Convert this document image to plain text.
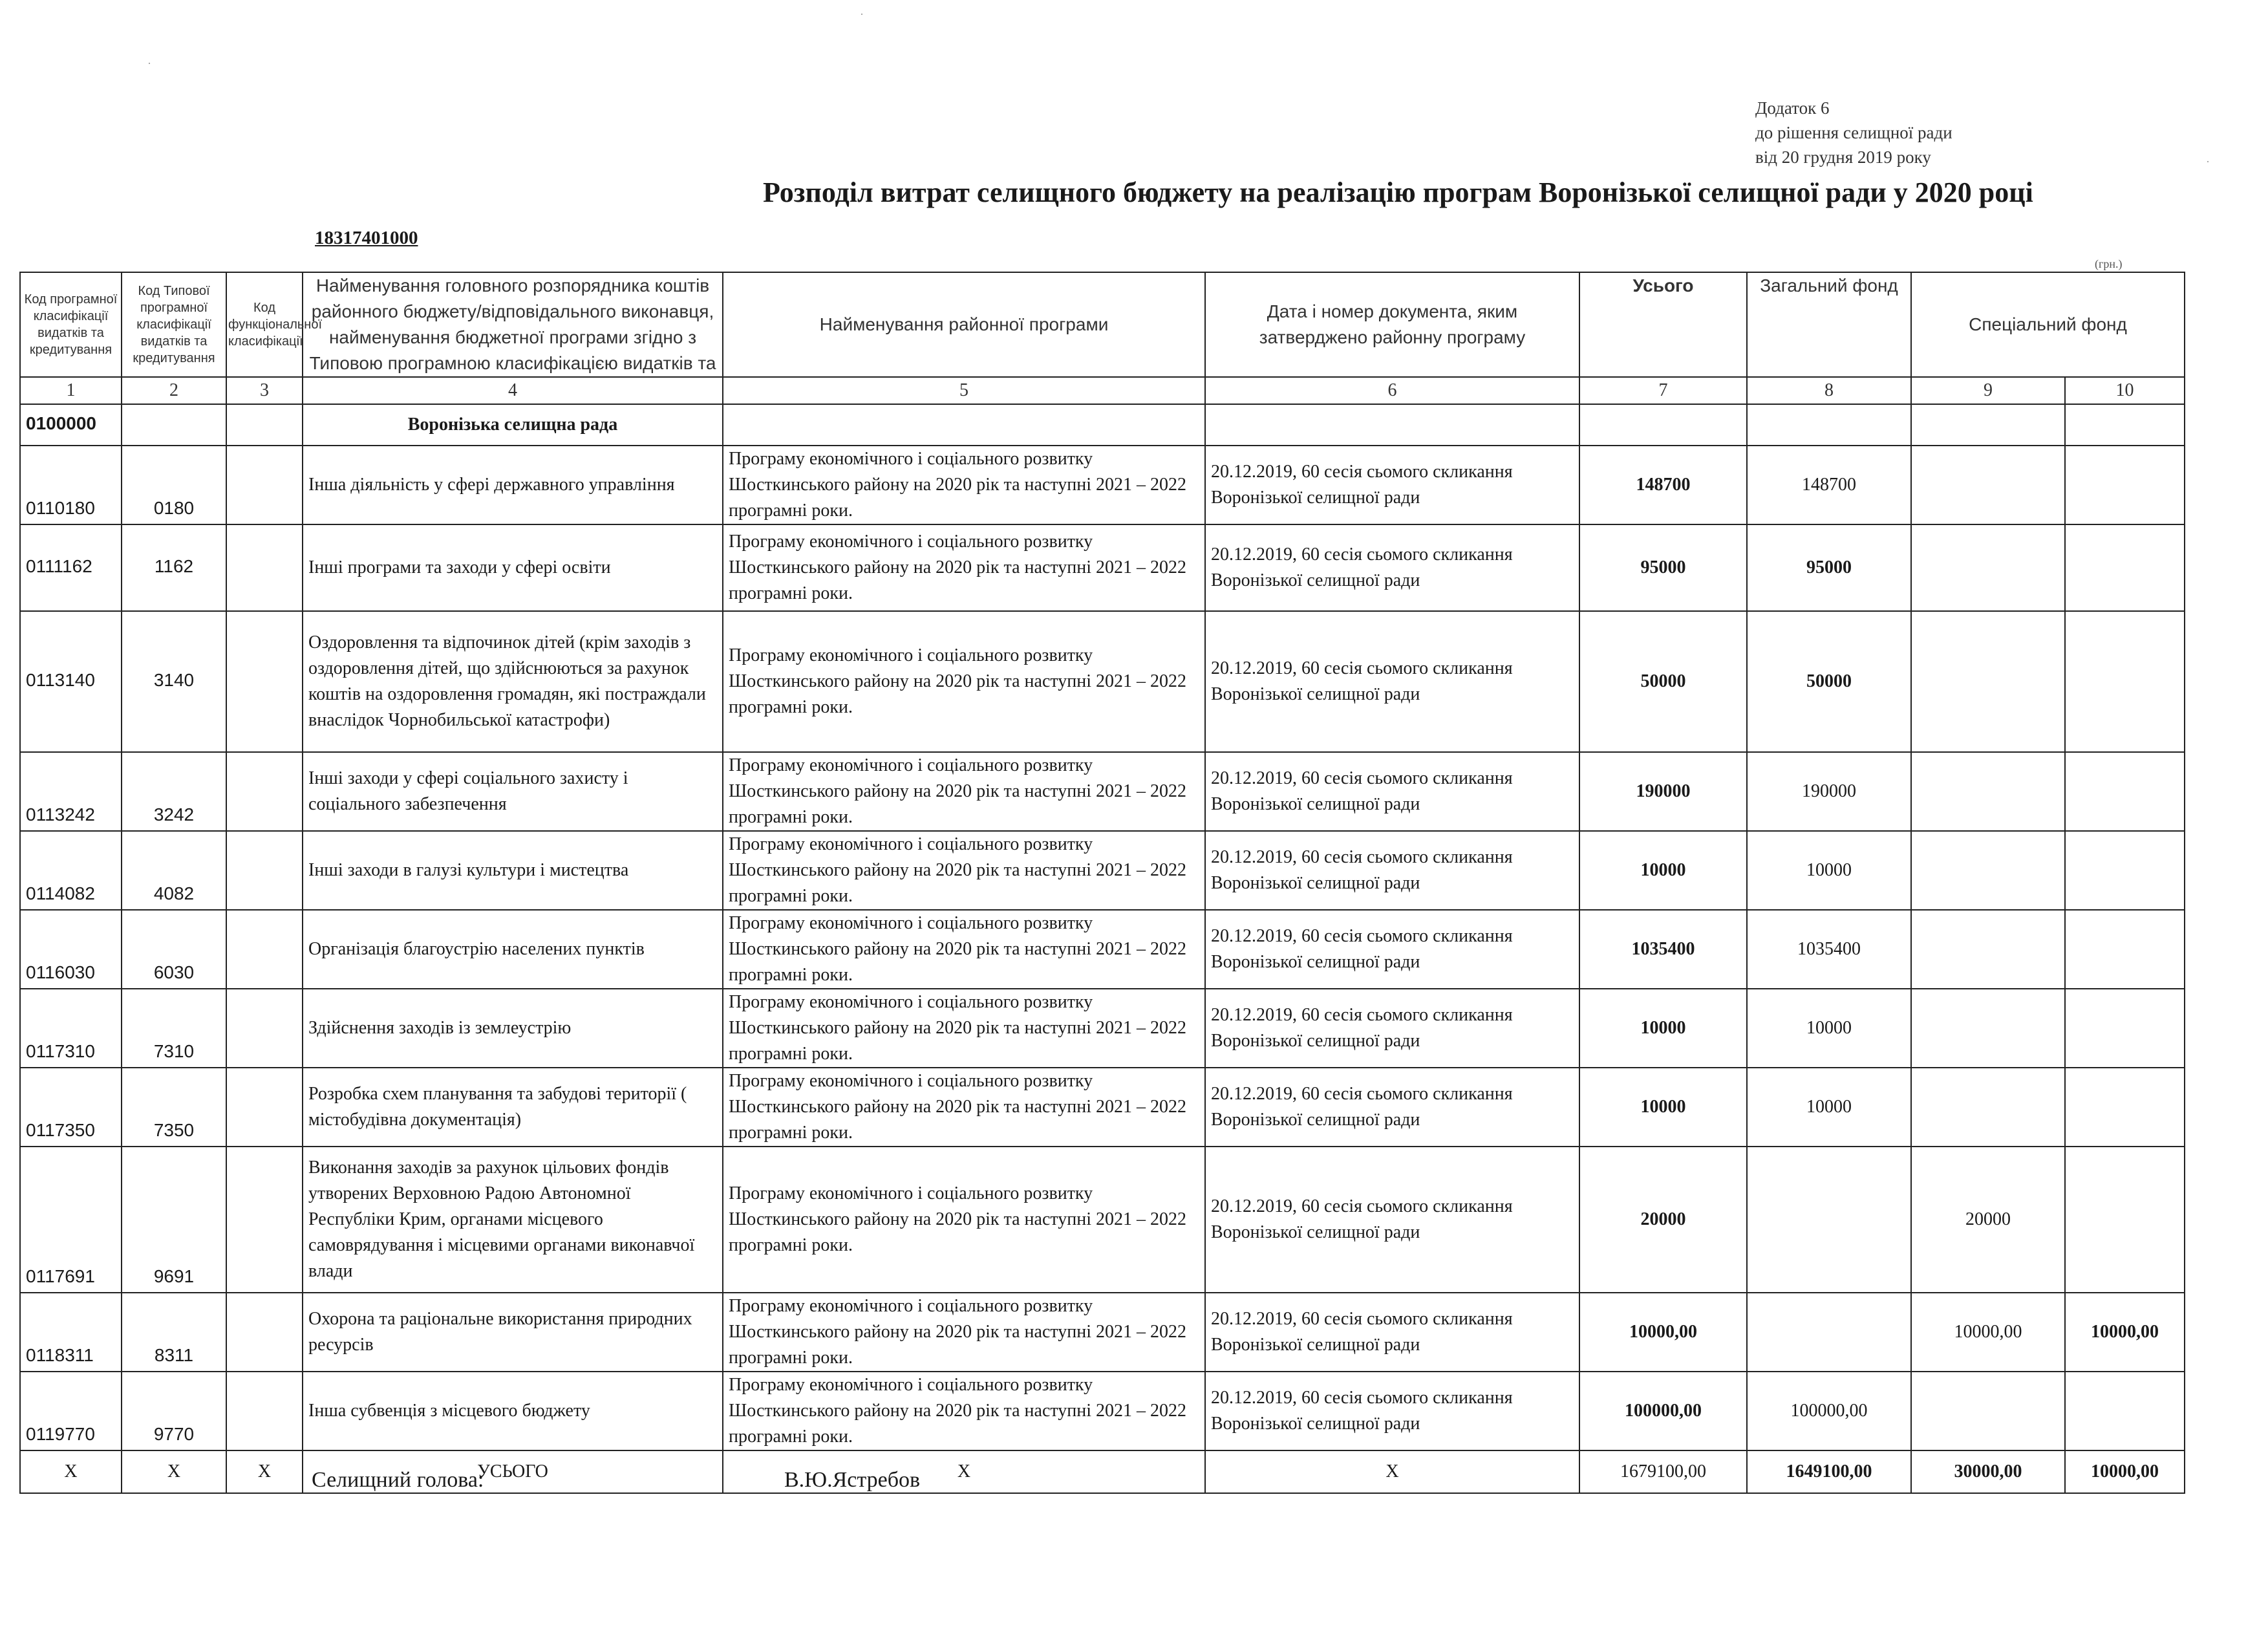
·
·
·
Додаток 6
до рішення селищної ради
від 20 грудня 2019 року
Розподіл витрат селищного бюджету на реалізацію програм Воронізької селищної ради у 2020 році
18317401000
(грн.)
Код програмної класифікації видатків та кредитування	Код Типової програмної класифікації видатків та кредитування	Код функціональної класифікації	Найменування головного розпорядника коштів районного бюджету/відповідального виконавця, найменування бюджетної програми згідно з Типовою програмною класифікацією видатків та	Найменування районної програми	Дата і номер документа, яким затверджено районну програму	Усього	Загальний фонд	Спеціальний фонд	
1	2	3	4	5	6	7	8	9	10
0100000			Воронізька селищна рада						
0110180	0180		Інша діяльність у сфері державного управління	Програму економічного і соціального розвитку Шосткинського району на 2020 рік та наступні 2021 – 2022 програмні роки.	20.12.2019, 60 сесія сьомого скликання Воронізької селищної ради	148700	148700		
0111162	1162		Інші програми та заходи у сфері освіти	Програму економічного і соціального розвитку Шосткинського району на 2020 рік та наступні 2021 – 2022 програмні роки.	20.12.2019, 60 сесія сьомого скликання Воронізької селищної ради	95000	95000		
0113140	3140		Оздоровлення та відпочинок дітей (крім заходів з оздоровлення дітей, що здійснюються за рахунок коштів на оздоровлення громадян, які постраждали внаслідок Чорнобильської катастрофи)	Програму економічного і соціального розвитку Шосткинського району на 2020 рік та наступні 2021 – 2022 програмні роки.	20.12.2019, 60 сесія сьомого скликання Воронізької селищної ради	50000	50000		
0113242	3242		Інші заходи у сфері соціального захисту і соціального забезпечення	Програму економічного і соціального розвитку Шосткинського району на 2020 рік та наступні 2021 – 2022 програмні роки.	20.12.2019, 60 сесія сьомого скликання Воронізької селищної ради	190000	190000		
0114082	4082		Інші заходи в галузі культури і мистецтва	Програму економічного і соціального розвитку Шосткинського району на 2020 рік та наступні 2021 – 2022 програмні роки.	20.12.2019, 60 сесія сьомого скликання Воронізької селищної ради	10000	10000		
0116030	6030		Організація благоустрію населених пунктів	Програму економічного і соціального розвитку Шосткинського району на 2020 рік та наступні 2021 – 2022 програмні роки.	20.12.2019, 60 сесія сьомого скликання Воронізької селищної ради	1035400	1035400		
0117310	7310		Здійснення заходів із землеустрію	Програму економічного і соціального розвитку Шосткинського району на 2020 рік та наступні 2021 – 2022 програмні роки.	20.12.2019, 60 сесія сьомого скликання Воронізької селищної ради	10000	10000		
0117350	7350		Розробка схем планування та забудові території ( містобудівна документація)	Програму економічного і соціального розвитку Шосткинського району на 2020 рік та наступні 2021 – 2022 програмні роки.	20.12.2019, 60 сесія сьомого скликання Воронізької селищної ради	10000	10000		
0117691	9691		Виконання заходів за рахунок цільових фондів утворених Верховною Радою Автономної Республіки Крим, органами місцевого самоврядування і місцевими органами виконавчої влади	Програму економічного і соціального розвитку Шосткинського району на 2020 рік та наступні 2021 – 2022 програмні роки.	20.12.2019, 60 сесія сьомого скликання Воронізької селищної ради	20000		20000	
0118311	8311		Охорона та раціональне використання природних ресурсів	Програму економічного і соціального розвитку Шосткинського району на 2020 рік та наступні 2021 – 2022 програмні роки.	20.12.2019, 60 сесія сьомого скликання Воронізької селищної ради	10000,00		10000,00	10000,00
0119770	9770		Інша субвенція з місцевого бюджету	Програму економічного і соціального розвитку Шосткинського району на 2020 рік та наступні 2021 – 2022 програмні роки.	20.12.2019, 60 сесія сьомого скликання Воронізької селищної ради	100000,00	100000,00		
Х	Х	Х	УСЬОГО	Х	Х	1679100,00	1649100,00	30000,00	10000,00
Селищний голова:	В.Ю.Ястребов
